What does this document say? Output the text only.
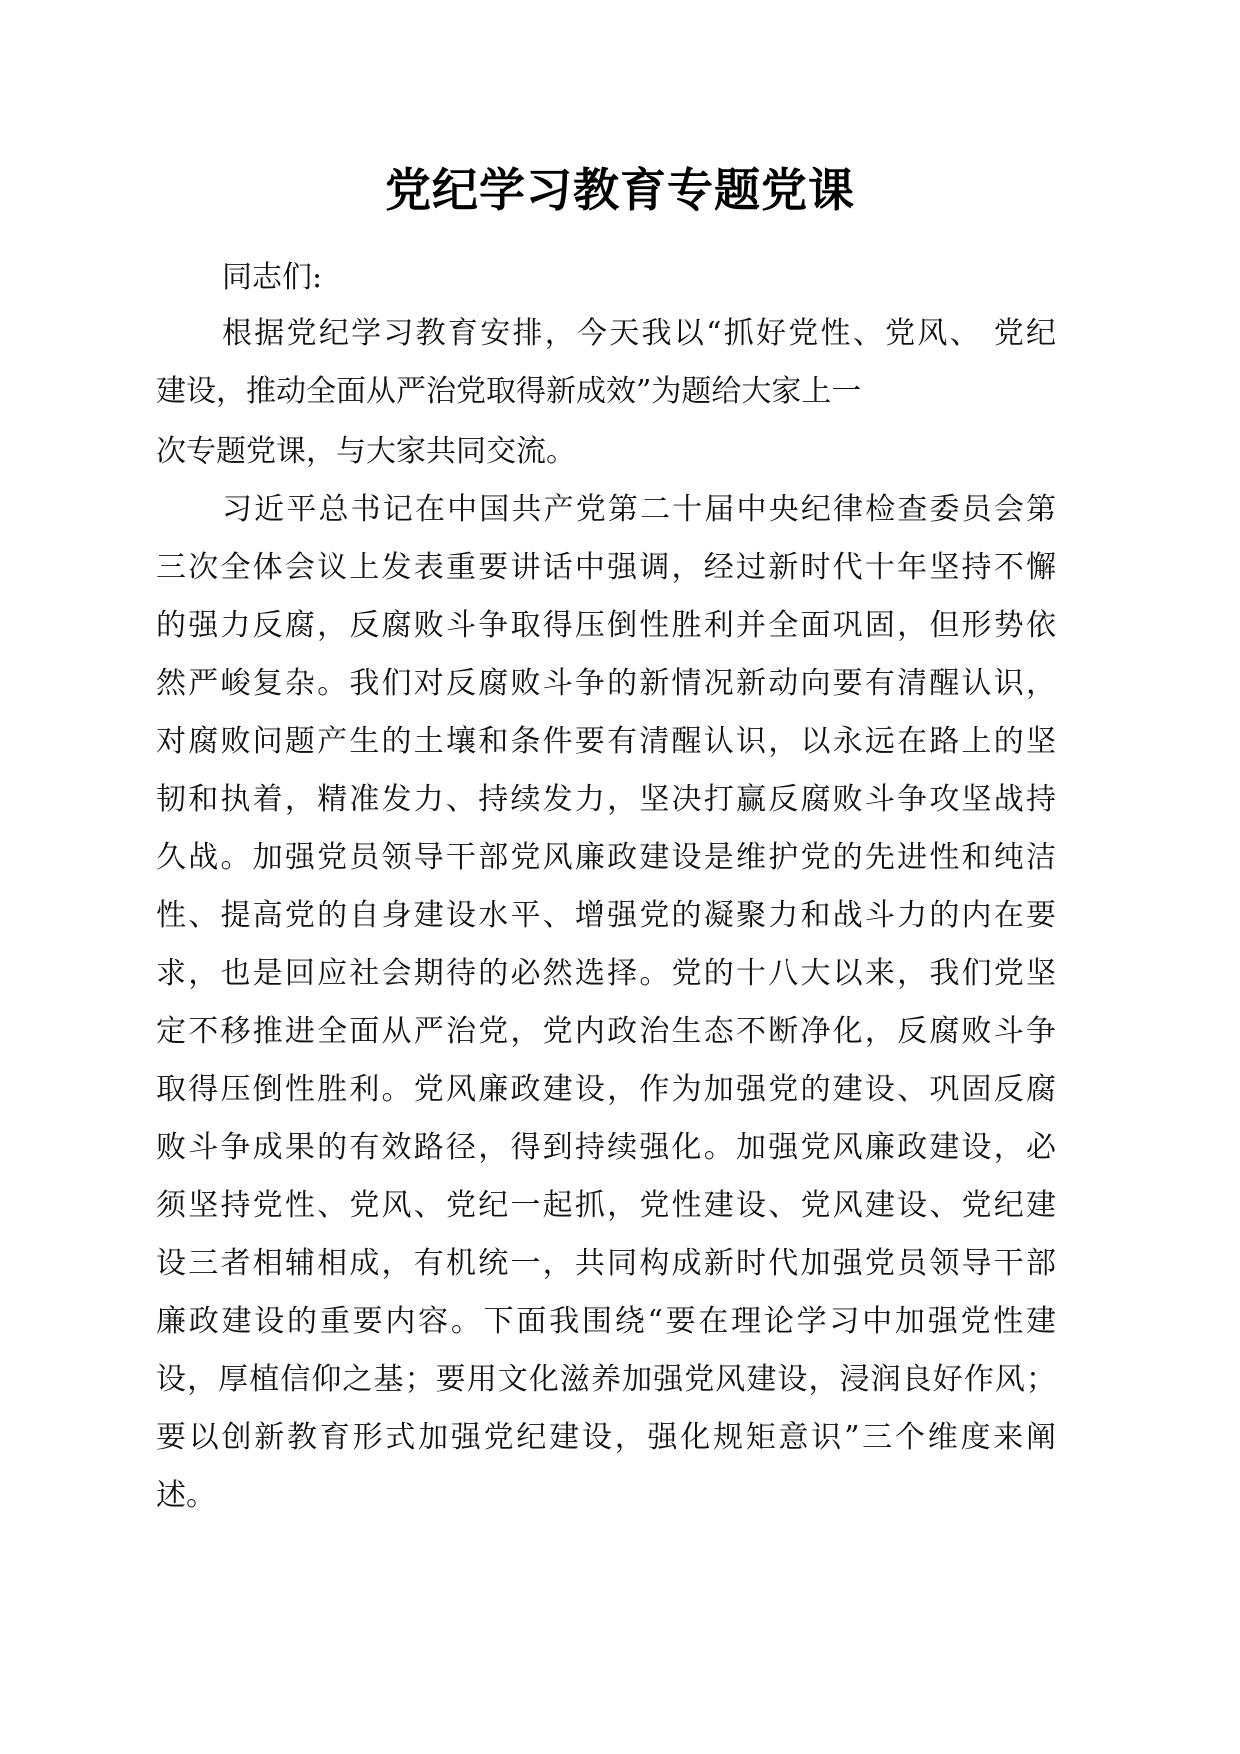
党纪学习教育专题党课
同志们:
根据党纪学习教育安排，今天我以“抓好党性、党风、 党纪
建设，推动全面从严治党取得新成效”为题给大家上一
次专题党课，与大家共同交流。
习近平总书记在中国共产党第二十届中央纪律检查委员会第
三次全体会议上发表重要讲话中强调，经过新时代十年坚持不懈
的强力反腐，反腐败斗争取得压倒性胜利并全面巩固，但形势依
然严峻复杂。我们对反腐败斗争的新情况新动向要有清醒认识，
对腐败问题产生的土壤和条件要有清醒认识，以永远在路上的坚
韧和执着，精准发力、持续发力，坚决打赢反腐败斗争攻坚战持
久战。加强党员领导干部党风廉政建设是维护党的先进性和纯洁
性、提高党的自身建设水平、增强党的凝聚力和战斗力的内在要
求，也是回应社会期待的必然选择。党的十八大以来，我们党坚
定不移推进全面从严治党，党内政治生态不断净化，反腐败斗争
取得压倒性胜利。党风廉政建设，作为加强党的建设、巩固反腐
败斗争成果的有效路径，得到持续强化。加强党风廉政建设，必
须坚持党性、党风、党纪一起抓，党性建设、党风建设、党纪建
设三者相辅相成，有机统一，共同构成新时代加强党员领导干部
廉政建设的重要内容。下面我围绕“要在理论学习中加强党性建
设，厚植信仰之基；要用文化滋养加强党风建设，浸润良好作风；
要以创新教育形式加强党纪建设，强化规矩意识”三个维度来阐
述。
